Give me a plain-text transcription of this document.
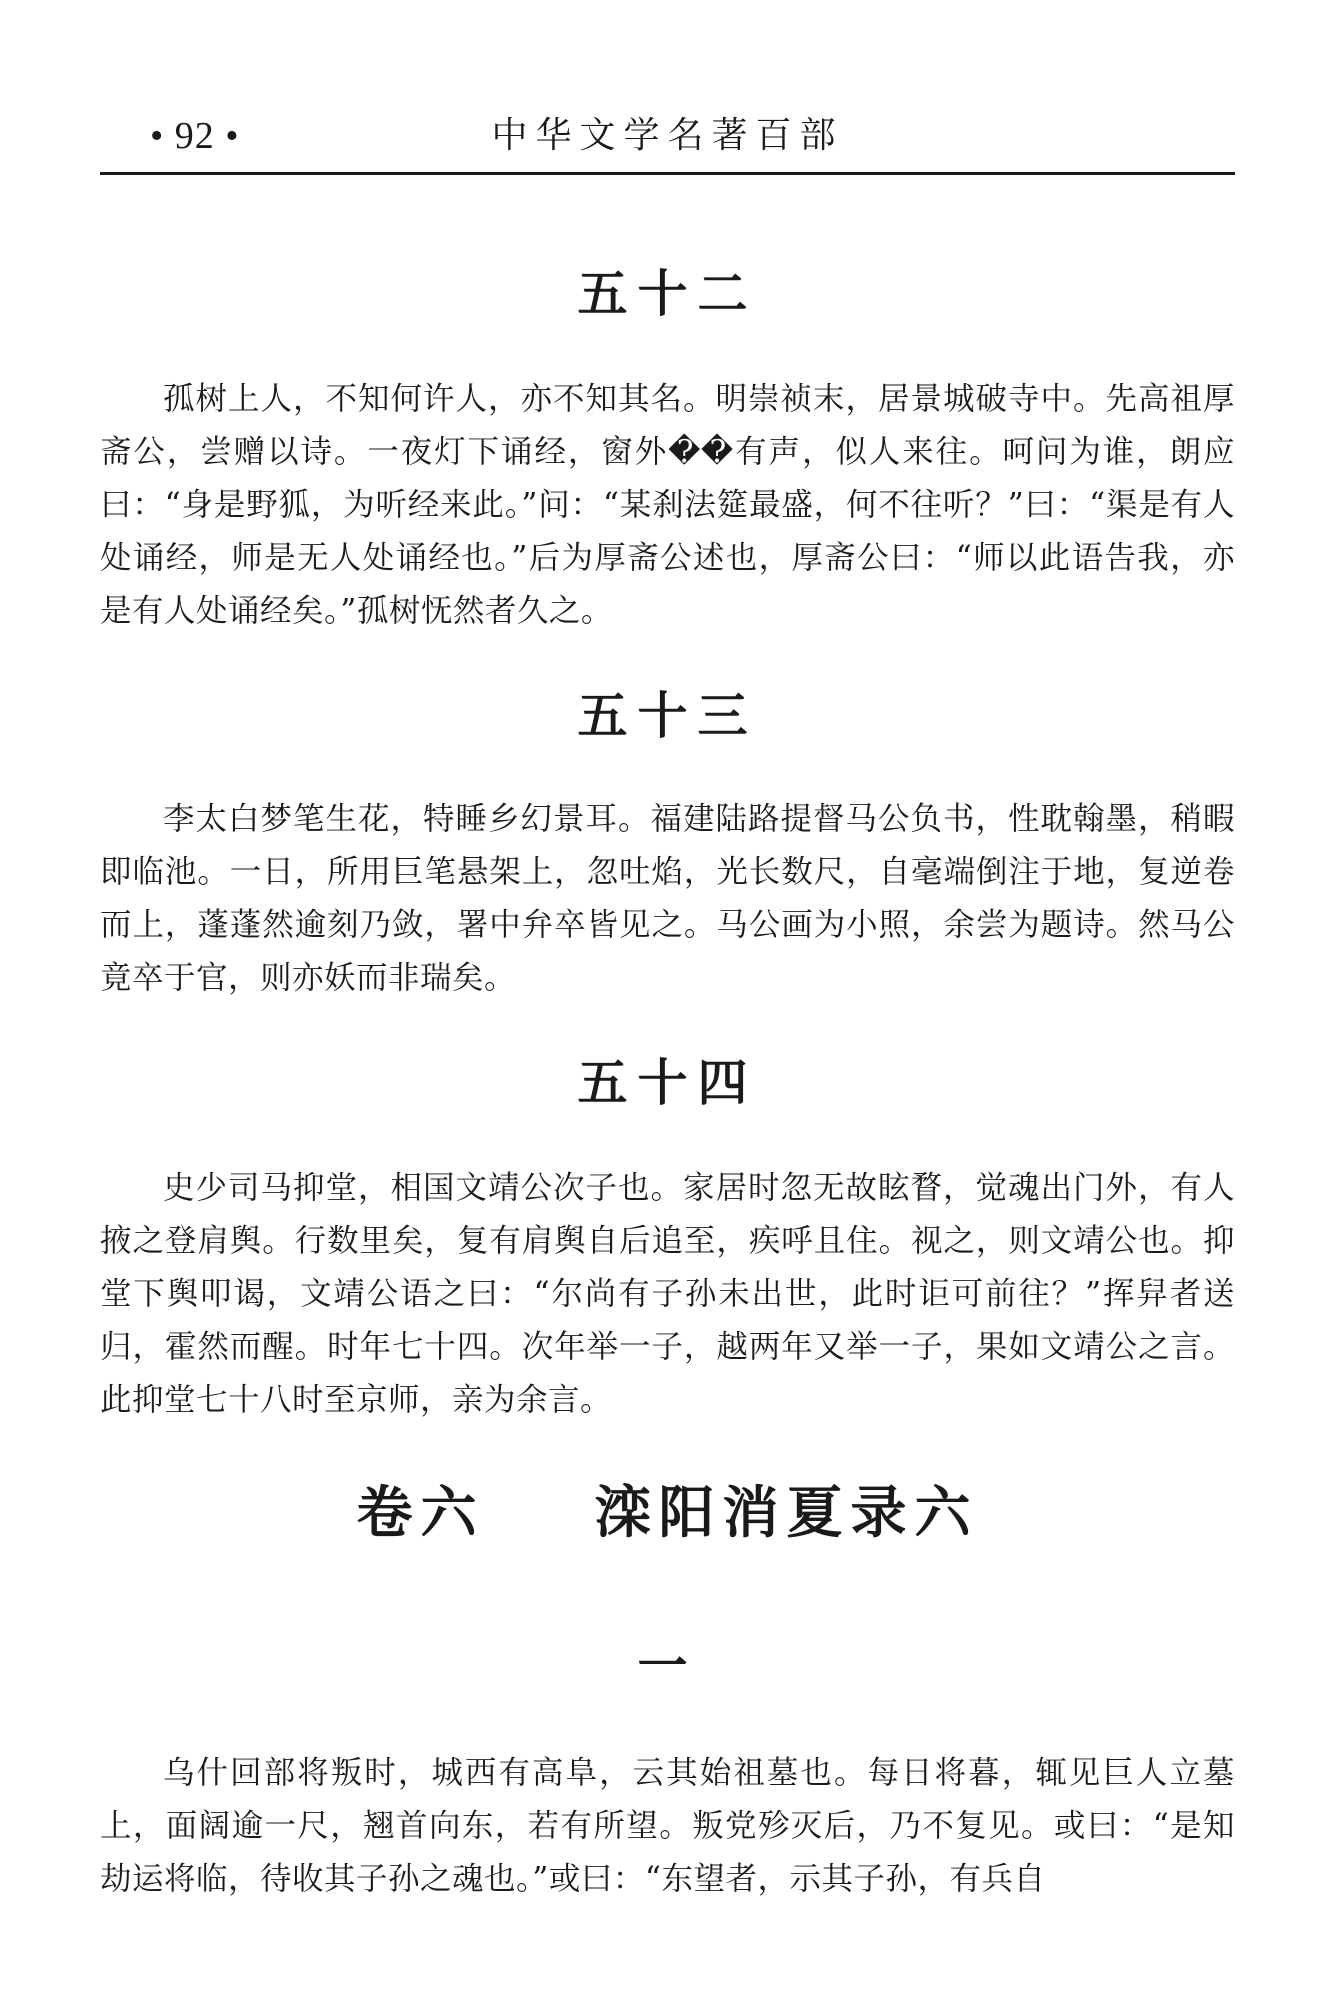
• 92 •	中华文学名著百部
五十二

孤树上人，不知何许人，亦不知其名。明崇祯末，居景城破寺中。先高祖厚斋公，尝赠以诗。一夜灯下诵经，窗外��有声，似人来往。呵问为谁，朗应曰：“身是野狐，为听经来此。”问：“某刹法筵最盛，何不往听？”曰：“渠是有人处诵经，师是无人处诵经也。”后为厚斋公述也，厚斋公曰：“师以此语告我，亦是有人处诵经矣。”孤树怃然者久之。

五十三

李太白梦笔生花，特睡乡幻景耳。福建陆路提督马公负书，性耽翰墨，稍暇即临池。一日，所用巨笔悬架上，忽吐焰，光长数尺，自毫端倒注于地，复逆卷而上，蓬蓬然逾刻乃敛，署中弁卒皆见之。马公画为小照，余尝为题诗。然马公竟卒于官，则亦妖而非瑞矣。

五十四

史少司马抑堂，相国文靖公次子也。家居时忽无故眩瞀，觉魂出门外，有人掖之登肩舆。行数里矣，复有肩舆自后追至，疾呼且住。视之，则文靖公也。抑堂下舆叩谒，文靖公语之曰：“尔尚有子孙未出世，此时讵可前往？”挥舁者送归，霍然而醒。时年七十四。次年举一子，越两年又举一子，果如文靖公之言。此抑堂七十八时至京师，亲为余言。

卷六    滦阳消夏录六
一

乌什回部将叛时，城西有高阜，云其始祖墓也。每日将暮，辄见巨人立墓上，面阔逾一尺，翘首向东，若有所望。叛党殄灭后，乃不复见。或曰：“是知劫运将临，待收其子孙之魂也。”或曰：“东望者，示其子孙，有兵自
